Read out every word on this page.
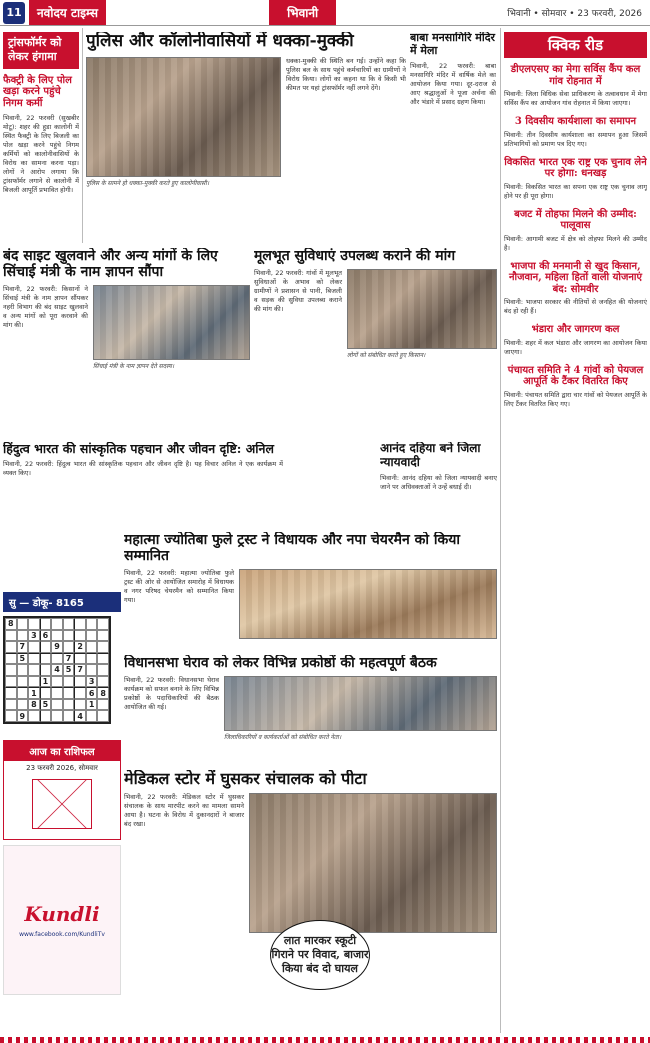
11	नवोदय टाइम्स	भिवानी	भिवानी • सोमवार • 23 फरवरी, 2026
ट्रांसफॉर्मर को लेकर हंगामा
फैक्ट्री के लिए पोल खड़ा करने पहुंचे निगम कर्मी
भिवानी, 22 फरवरी (सुखबीर मोटू): शहर की हुडा कालोनी में स्थित फैक्ट्री के लिए बिजली का पोल खड़ा करने पहुंचे निगम कर्मियों को कालोनीवासियों के विरोध का सामना करना पड़ा। लोगों ने आरोप लगाया कि ट्रांसफॉर्मर लगाने से कालोनी में बिजली आपूर्ति प्रभावित होगी।
पुलिस और कॉलोनीवासियों में धक्का-मुक्की
पुलिस के सामने हो धक्का-मुक्की करते हुए कालोनीवासी।
धक्का-मुक्की की स्थिति बन गई। उन्होंने कहा कि पुलिस बल के साथ पहुंचे कर्मचारियों का ग्रामीणों ने विरोध किया। लोगों का कहना था कि वे किसी भी कीमत पर यहां ट्रांसफॉर्मर नहीं लगने देंगे।
बाबा मनसागिरि मंदिर में मेला
भिवानी, 22 फरवरी: बाबा मनसागिरि मंदिर में वार्षिक मेले का आयोजन किया गया। दूर-दराज से आए श्रद्धालुओं ने पूजा अर्चना की और भंडारे में प्रसाद ग्रहण किया।
बंद साइट खुलवाने और अन्य मांगों के लिए सिंचाई मंत्री के नाम ज्ञापन सौंपा
भिवानी, 22 फरवरी: किसानों ने सिंचाई मंत्री के नाम ज्ञापन सौंपकर नहरी विभाग की बंद साइट खुलवाने व अन्य मांगों को पूरा करवाने की मांग की।
सिंचाई मंत्री के नाम ज्ञापन देते सदस्य।
मूलभूत सुविधाएं उपलब्ध कराने की मांग
भिवानी, 22 फरवरी: गांवों में मूलभूत सुविधाओं के अभाव को लेकर ग्रामीणों ने प्रशासन से पानी, बिजली व सड़क की सुविधा उपलब्ध कराने की मांग की।
लोगों को संबोधित करते हुए किसान।
हिंदुत्व भारत की सांस्कृतिक पहचान और जीवन दृष्टि: अनिल
भिवानी, 22 फरवरी: हिंदुत्व भारत की सांस्कृतिक पहचान और जीवन दृष्टि है। यह विचार अनिल ने एक कार्यक्रम में व्यक्त किए।
आनंद दहिया बने जिला न्यायवादी
भिवानी: आनंद दहिया को जिला न्यायवादी बनाए जाने पर अधिवक्ताओं ने उन्हें बधाई दी।
महात्मा ज्योतिबा फुले ट्रस्ट ने विधायक और नपा चेयरमैन को किया सम्मानित
भिवानी, 22 फरवरी: महात्मा ज्योतिबा फुले ट्रस्ट की ओर से आयोजित समारोह में विधायक व नगर परिषद चेयरमैन को सम्मानित किया गया।
सु — डोकू- 8165
8
3 6
7	9	2
5	7
4 5 7
1	3
1	6 8
8 5	1
9	4
विधानसभा घेराव को लेकर विभिन्न प्रकोष्ठों की महत्वपूर्ण बैठक
भिवानी, 22 फरवरी: विधानसभा घेराव कार्यक्रम को सफल बनाने के लिए विभिन्न प्रकोष्ठों के पदाधिकारियों की बैठक आयोजित की गई।
जिलाधिकारियों व कार्यकर्ताओं को संबोधित करते नेता।
आज का राशिफल
23 फरवरी 2026, सोमवार
Kundli
www.facebook.com/KundliTv
मेडिकल स्टोर में घुसकर संचालक को पीटा
भिवानी, 22 फरवरी: मेडिकल स्टोर में घुसकर संचालक के साथ मारपीट करने का मामला सामने आया है। घटना के विरोध में दुकानदारों ने बाजार बंद रखा।
लात मारकर स्कूटी गिराने पर विवाद, बाजार किया बंद दो घायल
क्विक रीड
डीएलएसए का मेगा सर्विस कैंप कल गांव रोहनात में
भिवानी: जिला विधिक सेवा प्राधिकरण के तत्वावधान में मेगा सर्विस कैंप का आयोजन गांव रोहनात में किया जाएगा।
3 दिवसीय कार्यशाला का समापन
भिवानी: तीन दिवसीय कार्यशाला का समापन हुआ जिसमें प्रतिभागियों को प्रमाण पत्र दिए गए।
विकसित भारत एक राष्ट्र एक चुनाव लेने पर होगा: धनखड़
भिवानी: विकसित भारत का सपना एक राष्ट्र एक चुनाव लागू होने पर ही पूरा होगा।
बजट में तोहफा मिलने की उम्मीद: पालूवास
भिवानी: आगामी बजट में क्षेत्र को तोहफा मिलने की उम्मीद है।
भाजपा की मनमानी से खुद किसान, नौजवान, महिला हितों वाली योजनाएं बंद: सोमवीर
भिवानी: भाजपा सरकार की नीतियों से जनहित की योजनाएं बंद हो रही हैं।
भंडारा और जागरण कल
भिवानी: शहर में कल भंडारा और जागरण का आयोजन किया जाएगा।
पंचायत समिति ने 4 गांवों को पेयजल आपूर्ति के टैंकर वितरित किए
भिवानी: पंचायत समिति द्वारा चार गांवों को पेयजल आपूर्ति के लिए टैंकर वितरित किए गए।
